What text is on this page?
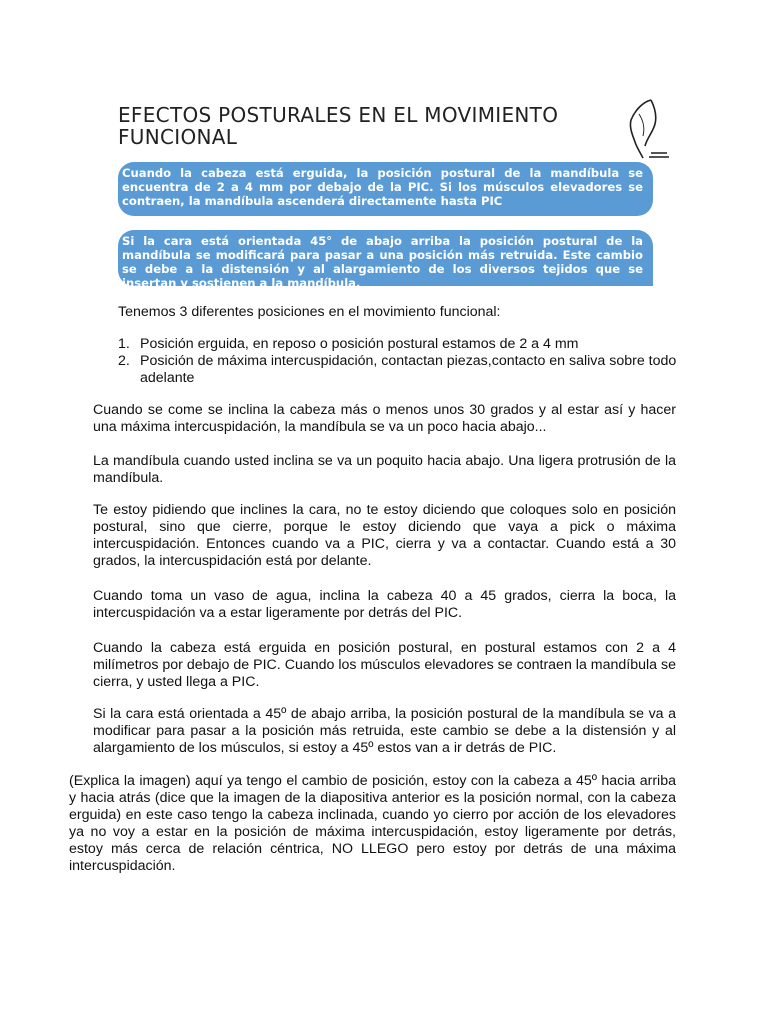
EFECTOS POSTURALES EN EL MOVIMIENTO FUNCIONAL
Cuando la cabeza está erguida, la posición postural de la mandíbula se encuentra de 2 a 4 mm por debajo de la PIC. Si los músculos elevadores se contraen, la mandíbula ascenderá directamente hasta PIC
Si la cara está orientada 45° de abajo arriba la posición postural de la mandíbula se modificará para pasar a una posición más retruida. Este cambio se debe a la distensión y al alargamiento de los diversos tejidos que se insertan y sostienen a la mandíbula.

Tenemos 3 diferentes posiciones en el movimiento funcional:

1. Posición erguida, en reposo o posición postural estamos de 2 a 4 mm
2. Posición de máxima intercuspidación, contactan piezas,contacto en saliva sobre todo adelante

Cuando se come se inclina la cabeza más o menos unos 30 grados y al estar así y hacer una máxima intercuspidación, la mandíbula se va un poco hacia abajo...

La mandíbula cuando usted inclina se va un poquito hacia abajo. Una ligera protrusión de la mandíbula.

Te estoy pidiendo que inclines la cara, no te estoy diciendo que coloques solo en posición postural, sino que cierre, porque le estoy diciendo que vaya a pick o máxima intercuspidación. Entonces cuando va a PIC, cierra y va a contactar. Cuando está a 30 grados, la intercuspidación está por delante.

Cuando toma un vaso de agua, inclina la cabeza 40 a 45 grados, cierra la boca, la intercuspidación va a estar ligeramente por detrás del PIC.

Cuando la cabeza está erguida en posición postural, en postural estamos con 2 a 4 milímetros por debajo de PIC. Cuando los músculos elevadores se contraen la mandíbula se cierra, y usted llega a PIC.

Si la cara está orientada a 45º de abajo arriba, la posición postural de la mandíbula se va a modificar para pasar a la posición más retruida, este cambio se debe a la distensión y al alargamiento de los músculos, si estoy a 45º estos van a ir detrás de PIC.

(Explica la imagen) aquí ya tengo el cambio de posición, estoy con la cabeza a 45º hacia arriba y hacia atrás (dice que la imagen de la diapositiva anterior es la posición normal, con la cabeza erguida) en este caso tengo la cabeza inclinada, cuando yo cierro por acción de los elevadores ya no voy a estar en la posición de máxima intercuspidación, estoy ligeramente por detrás, estoy más cerca de relación céntrica, NO LLEGO pero estoy por detrás de una máxima intercuspidación.
